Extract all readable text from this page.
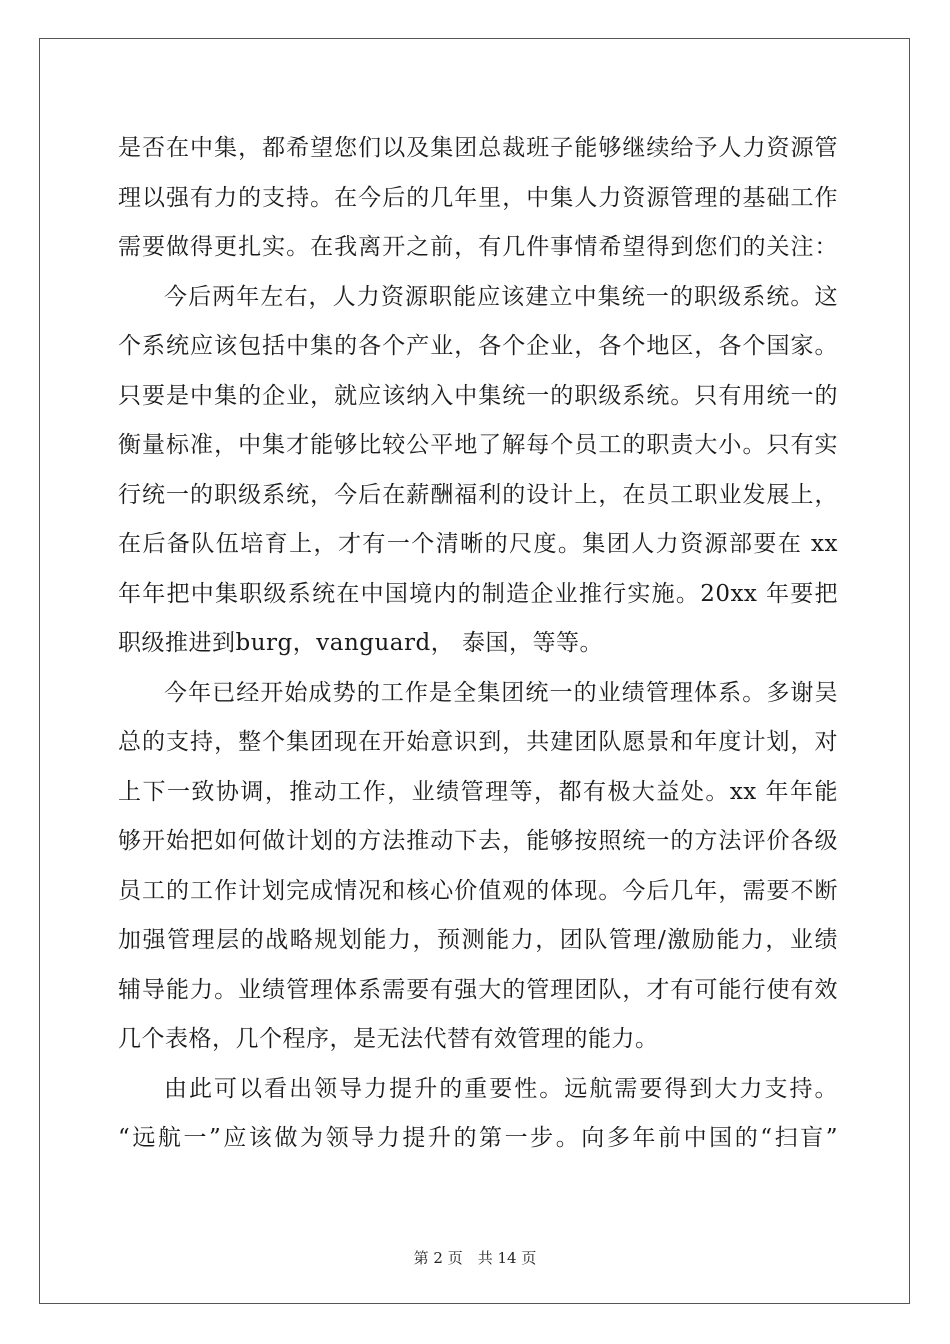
是否在中集，都希望您们以及集团总裁班子能够继续给予人力资源管
理以强有力的支持。在今后的几年里，中集人力资源管理的基础工作
需要做得更扎实。在我离开之前，有几件事情希望得到您们的关注：
今后两年左右，人力资源职能应该建立中集统一的职级系统。这
个系统应该包括中集的各个产业，各个企业，各个地区，各个国家。
只要是中集的企业，就应该纳入中集统一的职级系统。只有用统一的
衡量标准，中集才能够比较公平地了解每个员工的职责大小。只有实
行统一的职级系统，今后在薪酬福利的设计上，在员工职业发展上，
在后备队伍培育上，才有一个清晰的尺度。集团人力资源部要在 xx
年年把中集职级系统在中国境内的制造企业推行实施。20xx 年要把
职级推进到burg，vanguard， 泰国，等等。
今年已经开始成势的工作是全集团统一的业绩管理体系。多谢吴
总的支持，整个集团现在开始意识到，共建团队愿景和年度计划，对
上下一致协调，推动工作，业绩管理等，都有极大益处。xx 年年能
够开始把如何做计划的方法推动下去，能够按照统一的方法评价各级
员工的工作计划完成情况和核心价值观的体现。今后几年，需要不断
加强管理层的战略规划能力，预测能力，团队管理/激励能力，业绩
辅导能力。业绩管理体系需要有强大的管理团队，才有可能行使有效
几个表格，几个程序，是无法代替有效管理的能力。
由此可以看出领导力提升的重要性。远航需要得到大力支持。
“远航一”应该做为领导力提升的第一步。向多年前中国的“扫盲”
第 2 页　共 14 页
